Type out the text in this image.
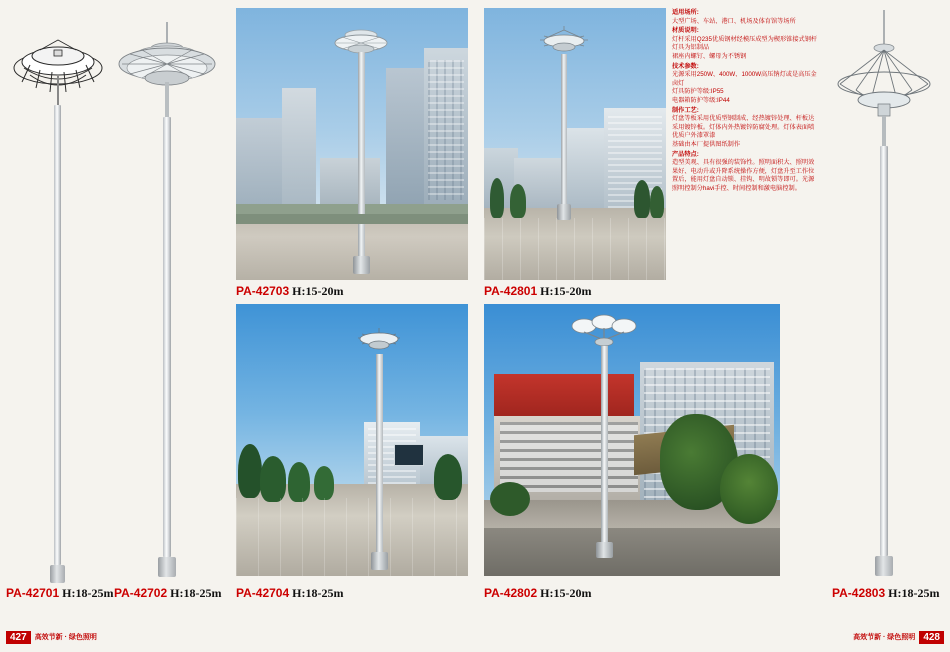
PA-42703 H:15-20m	PA-42801 H:15-20m
适用场所:

大型广场、车站、港口、机场及体育馆等场所

材质说明:

灯杆采用Q235优质钢材经模压成型为楔形锥接式钢杆

灯具为铝制品

裙座内螺钉、螺母为不锈钢

技术参数:

光源采用250W、400W、1000W高压钠灯或是高压金卤灯

灯具防护等级:IP55

电器箱防护等级:IP44

制作工艺:

灯盘等板采用优质型钢制成、经热镀锌处理、杆板达采用镀锌板。灯体内外热镀锌防腐处理。灯体表面喷优质户外漆罩漆

基础由本厂提供图纸制作

产品特点:

造型美观、具有很强的装饰性。照明面积大、照明效果好、电动升或升降系统操作方便，灯盘升至工作位置后，能用灯盘自动锁、挂钩、明故锁等即可。光源照明控制分havi手控、时间控制和激电脑控制。

PA-42704 H:18-25m	PA-42802 H:15-20m
PA-42701 H:18-25m PA-42702 H:18-25m	PA-42803 H:18-25m
427	高效节新 · 绿色照明	高效节新 · 绿色照明 428
